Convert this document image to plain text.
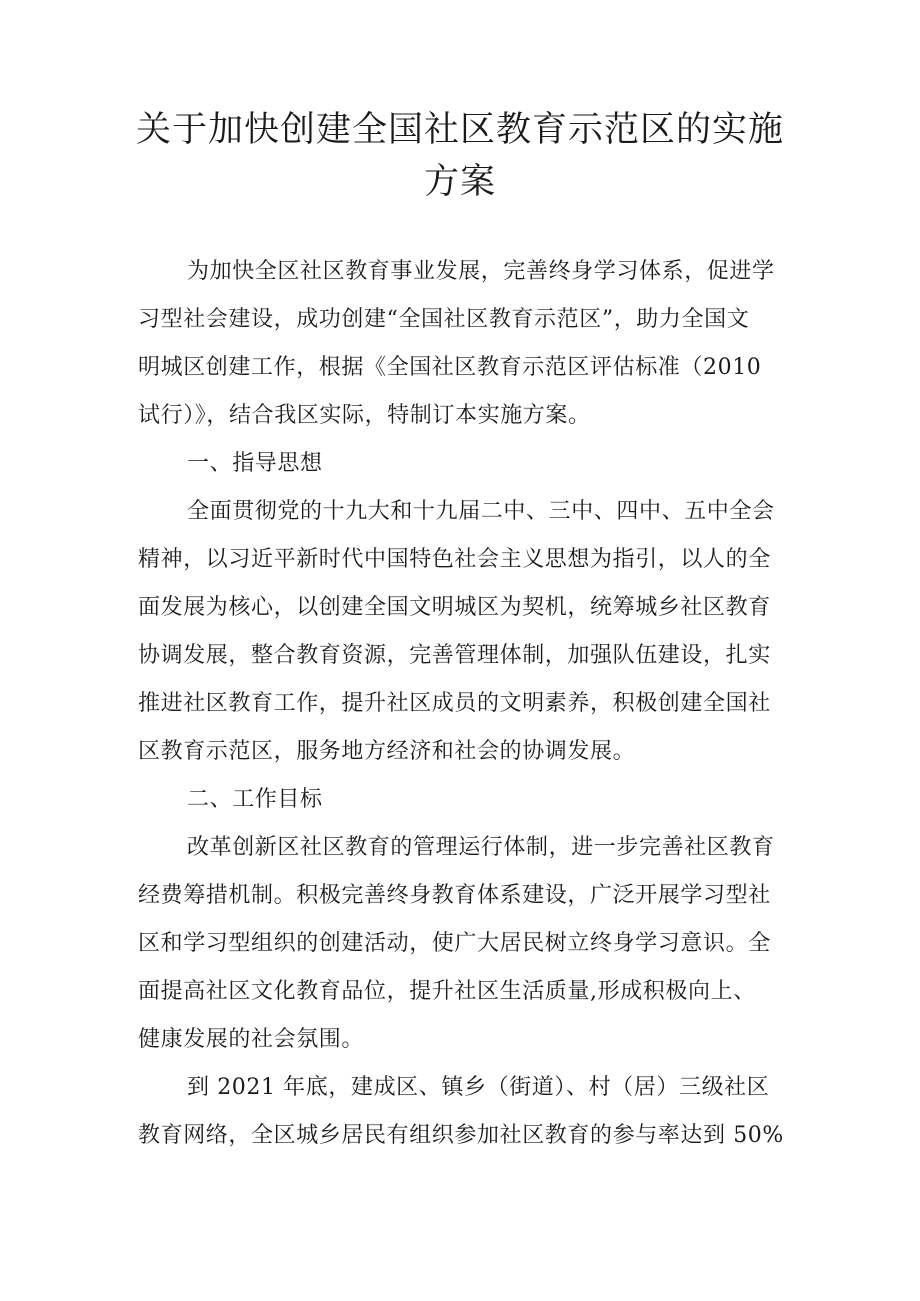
关于加快创建全国社区教育示范区的实施
方案
为加快全区社区教育事业发展，完善终身学习体系，促进学
习型社会建设，成功创建“全国社区教育示范区”，助力全国文
明城区创建工作，根据《全国社区教育示范区评估标准（2010
试行）》，结合我区实际，特制订本实施方案。
一、指导思想
全面贯彻党的十九大和十九届二中、三中、四中、五中全会
精神，以习近平新时代中国特色社会主义思想为指引，以人的全
面发展为核心，以创建全国文明城区为契机，统筹城乡社区教育
协调发展，整合教育资源，完善管理体制，加强队伍建设，扎实
推进社区教育工作，提升社区成员的文明素养，积极创建全国社
区教育示范区，服务地方经济和社会的协调发展。
二、工作目标
改革创新区社区教育的管理运行体制，进一步完善社区教育
经费筹措机制。积极完善终身教育体系建设，广泛开展学习型社
区和学习型组织的创建活动，使广大居民树立终身学习意识。全
面提高社区文化教育品位，提升社区生活质量,形成积极向上、
健康发展的社会氛围。
到 2021 年底，建成区、镇乡（街道）、村（居）三级社区
教育网络，全区城乡居民有组织参加社区教育的参与率达到 50%
